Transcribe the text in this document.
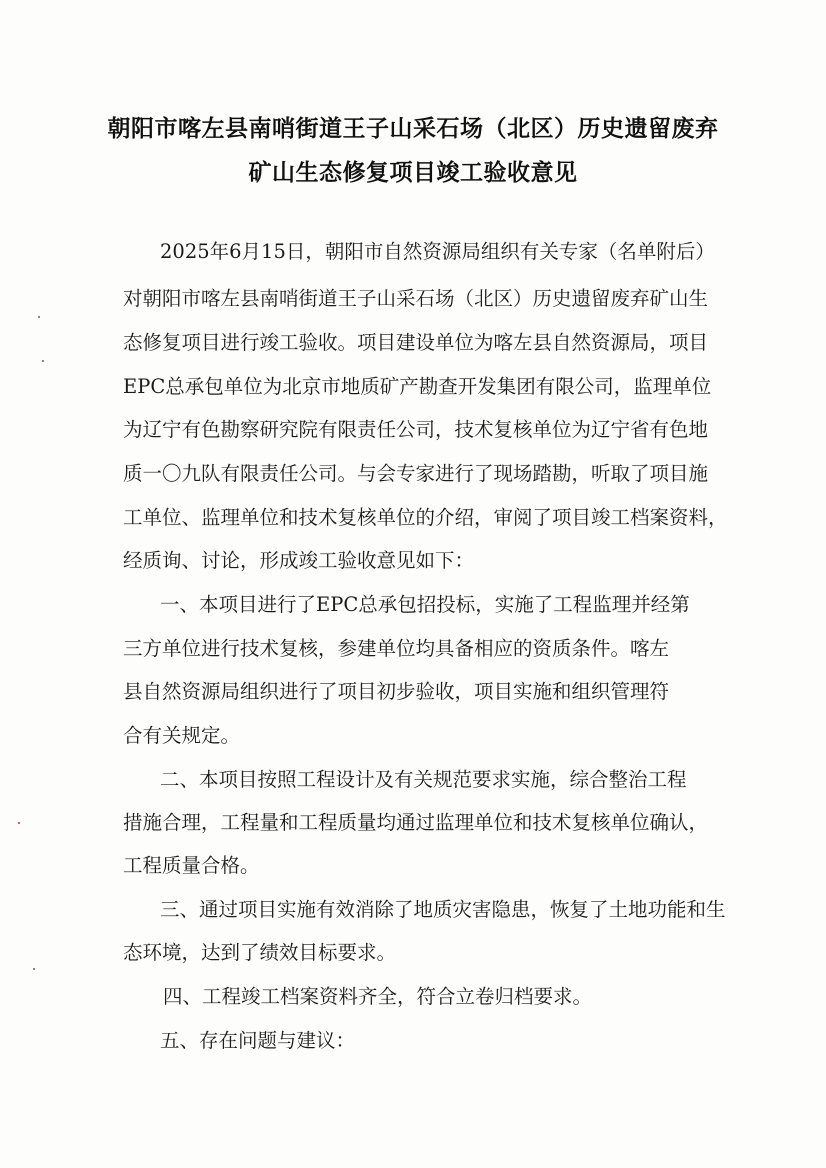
朝阳市喀左县南哨街道王子山采石场（北区）历史遗留废弃
矿山生态修复项目竣工验收意见
2025年6月15日，朝阳市自然资源局组织有关专家（名单附后）
对朝阳市喀左县南哨街道王子山采石场（北区）历史遗留废弃矿山生
态修复项目进行竣工验收。项目建设单位为喀左县自然资源局，项目
EPC总承包单位为北京市地质矿产勘查开发集团有限公司，监理单位
为辽宁有色勘察研究院有限责任公司，技术复核单位为辽宁省有色地
质一〇九队有限责任公司。与会专家进行了现场踏勘，听取了项目施
工单位、监理单位和技术复核单位的介绍，审阅了项目竣工档案资料，
经质询、讨论，形成竣工验收意见如下：
一、本项目进行了EPC总承包招投标，实施了工程监理并经第
三方单位进行技术复核，参建单位均具备相应的资质条件。喀左
县自然资源局组织进行了项目初步验收，项目实施和组织管理符
合有关规定。
二、本项目按照工程设计及有关规范要求实施，综合整治工程
措施合理，工程量和工程质量均通过监理单位和技术复核单位确认，
工程质量合格。
三、通过项目实施有效消除了地质灾害隐患，恢复了土地功能和生
态环境，达到了绩效目标要求。
四、工程竣工档案资料齐全，符合立卷归档要求。
五、存在问题与建议：
